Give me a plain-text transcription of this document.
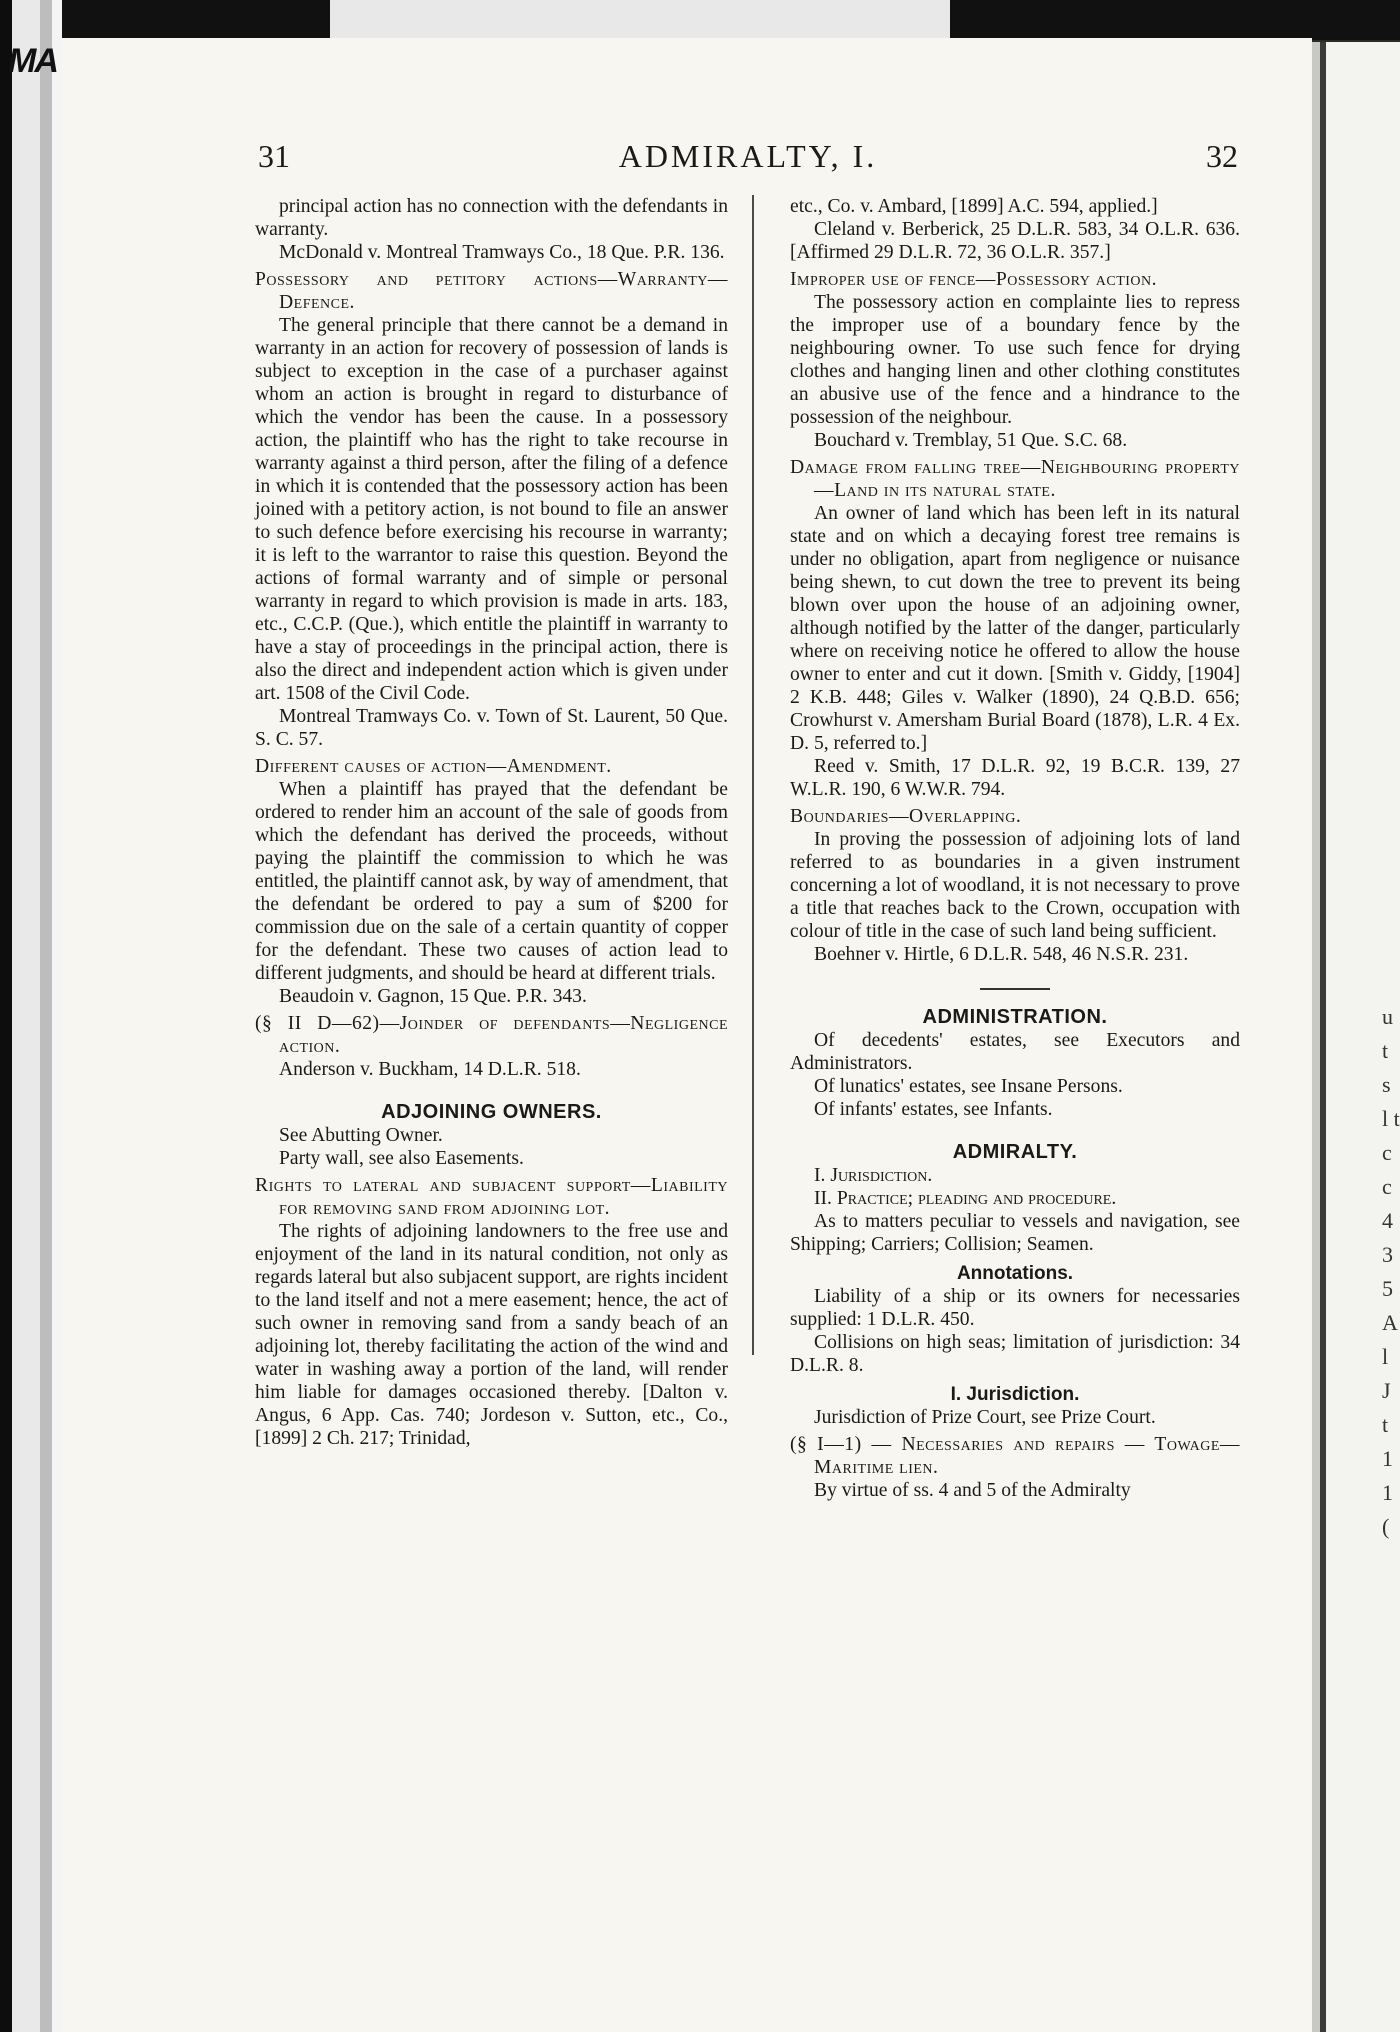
MA
u t s l t c c 4 3 5 A l J t 1 1 (
31	ADMIRALTY, I.	32

principal action has no connection with the defendants in warranty.

McDonald v. Montreal Tramways Co., 18 Que. P.R. 136.

Possessory and petitory actions—Warranty—Defence.

The general principle that there cannot be a demand in warranty in an action for recovery of possession of lands is subject to exception in the case of a purchaser against whom an action is brought in regard to disturbance of which the vendor has been the cause. In a possessory action, the plaintiff who has the right to take recourse in warranty against a third person, after the filing of a defence in which it is contended that the possessory action has been joined with a petitory action, is not bound to file an answer to such defence before exercising his recourse in warranty; it is left to the warrantor to raise this question. Beyond the actions of formal warranty and of simple or personal warranty in regard to which provision is made in arts. 183, etc., C.C.P. (Que.), which entitle the plaintiff in warranty to have a stay of proceedings in the principal action, there is also the direct and independent action which is given under art. 1508 of the Civil Code.

Montreal Tramways Co. v. Town of St. Laurent, 50 Que. S. C. 57.

Different causes of action—Amendment.

When a plaintiff has prayed that the defendant be ordered to render him an account of the sale of goods from which the defendant has derived the proceeds, without paying the plaintiff the commission to which he was entitled, the plaintiff cannot ask, by way of amendment, that the defendant be ordered to pay a sum of $200 for commission due on the sale of a certain quantity of copper for the defendant. These two causes of action lead to different judgments, and should be heard at different trials.

Beaudoin v. Gagnon, 15 Que. P.R. 343.

(§ II D—62)—Joinder of defendants—Negligence action.

Anderson v. Buckham, 14 D.L.R. 518.

ADJOINING OWNERS.

See Abutting Owner.

Party wall, see also Easements.

Rights to lateral and subjacent support—Liability for removing sand from adjoining lot.

The rights of adjoining landowners to the free use and enjoyment of the land in its natural condition, not only as regards lateral but also subjacent support, are rights incident to the land itself and not a mere easement; hence, the act of such owner in removing sand from a sandy beach of an adjoining lot, thereby facilitating the action of the wind and water in washing away a portion of the land, will render him liable for damages occasioned thereby. [Dalton v. Angus, 6 App. Cas. 740; Jordeson v. Sutton, etc., Co., [1899] 2 Ch. 217; Trinidad,

etc., Co. v. Ambard, [1899] A.C. 594, applied.]

Cleland v. Berberick, 25 D.L.R. 583, 34 O.L.R. 636. [Affirmed 29 D.L.R. 72, 36 O.L.R. 357.]

Improper use of fence—Possessory action.

The possessory action en complainte lies to repress the improper use of a boundary fence by the neighbouring owner. To use such fence for drying clothes and hanging linen and other clothing constitutes an abusive use of the fence and a hindrance to the possession of the neighbour.

Bouchard v. Tremblay, 51 Que. S.C. 68.

Damage from falling tree—Neighbouring property—Land in its natural state.

An owner of land which has been left in its natural state and on which a decaying forest tree remains is under no obligation, apart from negligence or nuisance being shewn, to cut down the tree to prevent its being blown over upon the house of an adjoining owner, although notified by the latter of the danger, particularly where on receiving notice he offered to allow the house owner to enter and cut it down. [Smith v. Giddy, [1904] 2 K.B. 448; Giles v. Walker (1890), 24 Q.B.D. 656; Crowhurst v. Amersham Burial Board (1878), L.R. 4 Ex. D. 5, referred to.]

Reed v. Smith, 17 D.L.R. 92, 19 B.C.R. 139, 27 W.L.R. 190, 6 W.W.R. 794.

Boundaries—Overlapping.

In proving the possession of adjoining lots of land referred to as boundaries in a given instrument concerning a lot of woodland, it is not necessary to prove a title that reaches back to the Crown, occupation with colour of title in the case of such land being sufficient.

Boehner v. Hirtle, 6 D.L.R. 548, 46 N.S.R. 231.

ADMINISTRATION.

Of decedents' estates, see Executors and Administrators.

Of lunatics' estates, see Insane Persons.

Of infants' estates, see Infants.

ADMIRALTY.

I. Jurisdiction.

II. Practice; pleading and procedure.

As to matters peculiar to vessels and navigation, see Shipping; Carriers; Collision; Seamen.

Annotations.

Liability of a ship or its owners for necessaries supplied: 1 D.L.R. 450.

Collisions on high seas; limitation of jurisdiction: 34 D.L.R. 8.

I. Jurisdiction.

Jurisdiction of Prize Court, see Prize Court.

(§ I—1) — Necessaries and repairs — Towage—Maritime lien.

By virtue of ss. 4 and 5 of the Admiralty
